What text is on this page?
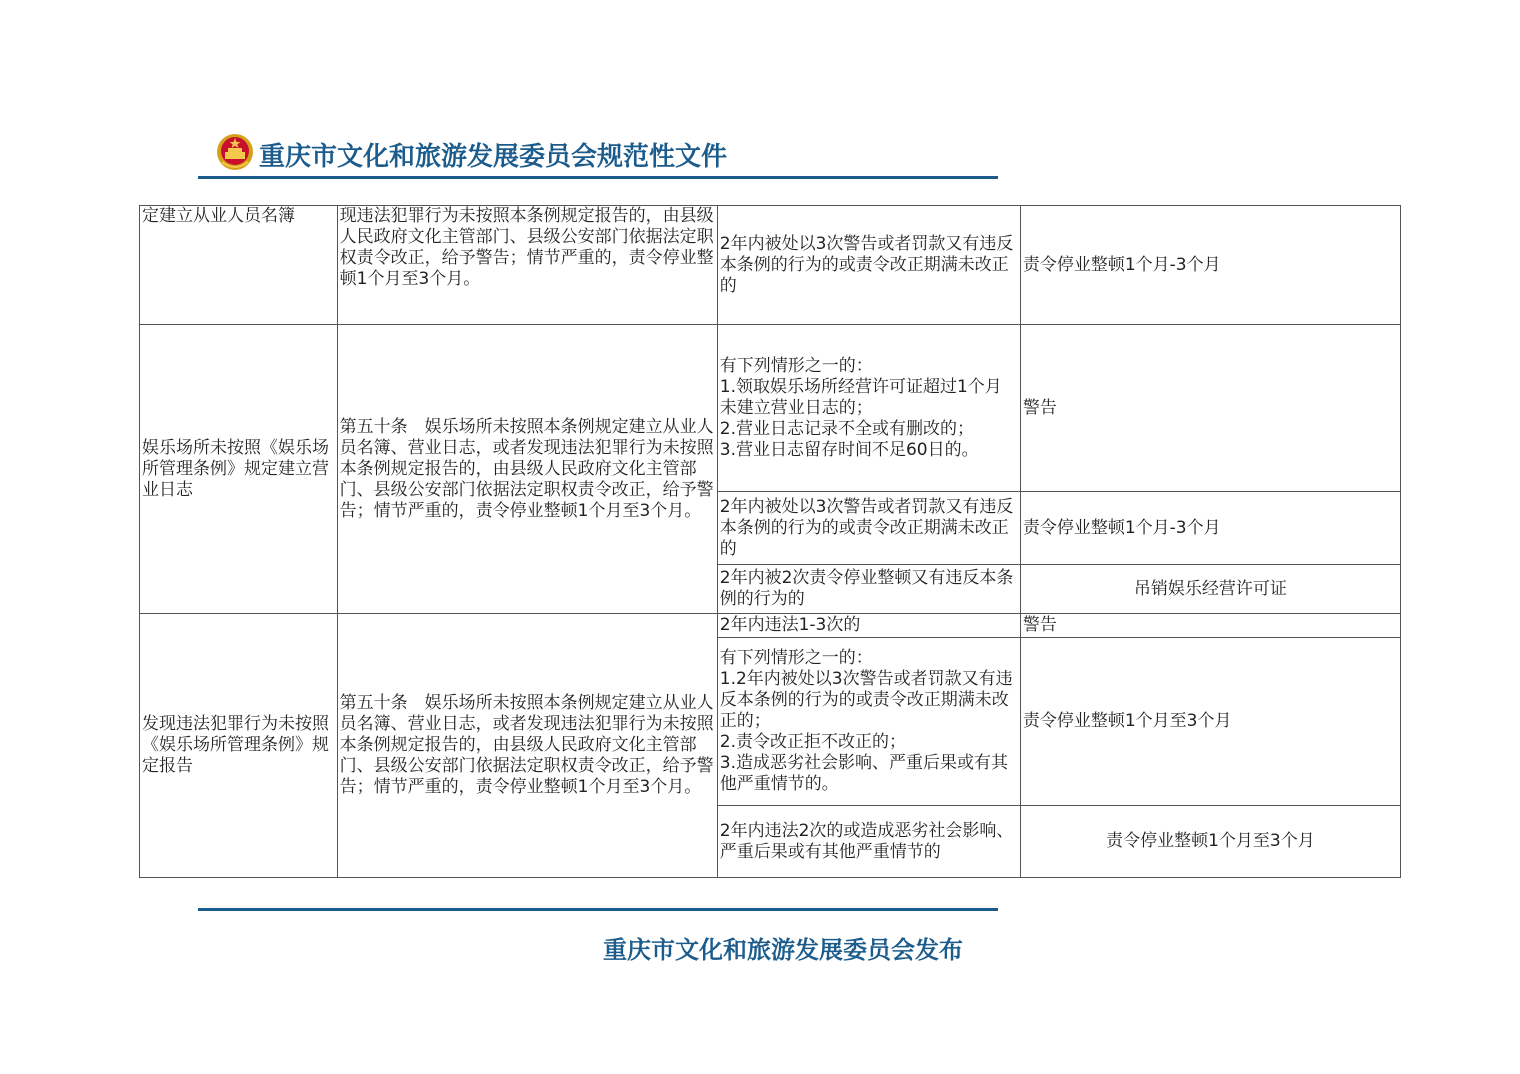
重庆市文化和旅游发展委员会规范性文件
定建立从业人员名簿	现违法犯罪行为未按照本条例规定报告的，由县级人民政府文化主管部门、县级公安部门依据法定职权责令改正，给予警告；情节严重的，责令停业整顿1个月至3个月。	2年内被处以3次警告或者罚款又有违反本条例的行为的或责令改正期满未改正的	责令停业整顿1个月-3个月
娱乐场所未按照《娱乐场所管理条例》规定建立营业日志	第五十条　娱乐场所未按照本条例规定建立从业人员名簿、营业日志，或者发现违法犯罪行为未按照本条例规定报告的，由县级人民政府文化主管部门、县级公安部门依据法定职权责令改正，给予警告；情节严重的，责令停业整顿1个月至3个月。	有下列情形之一的：
1.领取娱乐场所经营许可证超过1个月未建立营业日志的；
2.营业日志记录不全或有删改的；
3.营业日志留存时间不足60日的。	警告
		2年内被处以3次警告或者罚款又有违反本条例的行为的或责令改正期满未改正的	责令停业整顿1个月-3个月
		2年内被2次责令停业整顿又有违反本条例的行为的	吊销娱乐经营许可证
发现违法犯罪行为未按照《娱乐场所管理条例》规定报告	第五十条　娱乐场所未按照本条例规定建立从业人员名簿、营业日志，或者发现违法犯罪行为未按照本条例规定报告的，由县级人民政府文化主管部门、县级公安部门依据法定职权责令改正，给予警告；情节严重的，责令停业整顿1个月至3个月。	2年内违法1-3次的	警告
		有下列情形之一的：
1.2年内被处以3次警告或者罚款又有违反本条例的行为的或责令改正期满未改正的；
2.责令改正拒不改正的；
3.造成恶劣社会影响、严重后果或有其他严重情节的。	责令停业整顿1个月至3个月
		2年内违法2次的或造成恶劣社会影响、严重后果或有其他严重情节的	责令停业整顿1个月至3个月
重庆市文化和旅游发展委员会发布
